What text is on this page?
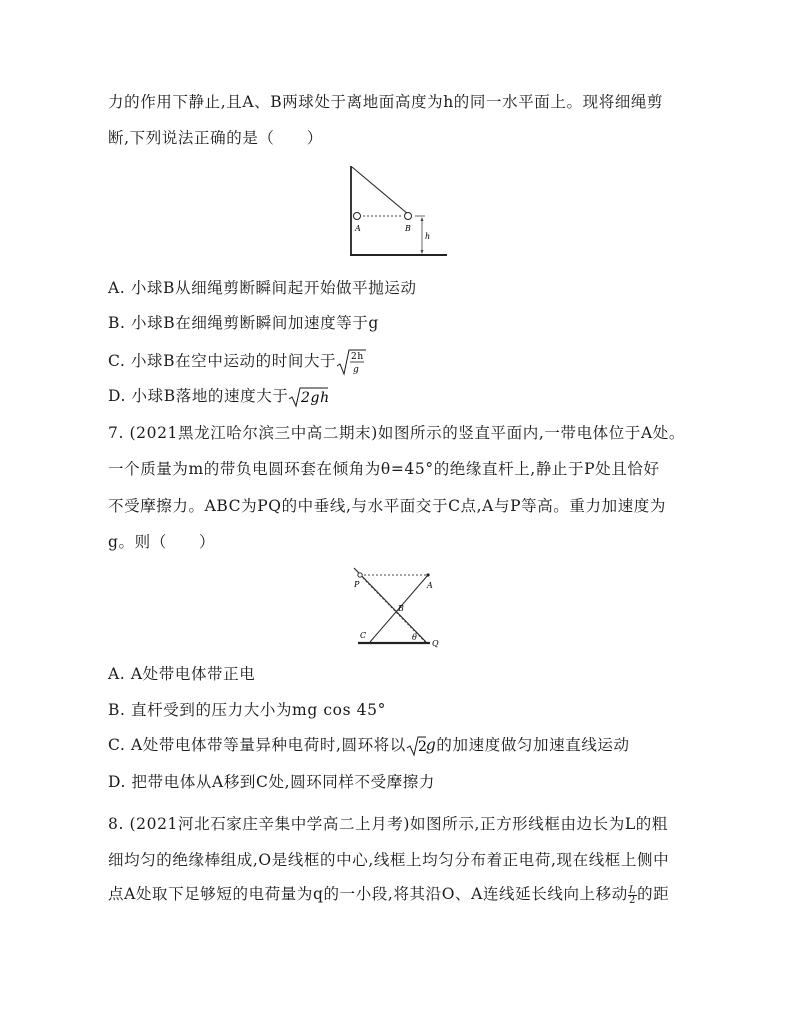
力的作用下静止,且A、B两球处于离地面高度为h的同一水平面上。现将细绳剪
断,下列说法正确的是（　　）
A	B
h
A. 小球B从细绳剪断瞬间起开始做平抛运动
B. 小球B在细绳剪断瞬间加速度等于g
C. 小球B在空中运动的时间大于 2h
g
D. 小球B落地的速度大于 2gh
7. (2021黑龙江哈尔滨三中高二期末)如图所示的竖直平面内,一带电体位于A处。
一个质量为m的带负电圆环套在倾角为θ=45°的绝缘直杆上,静止于P处且恰好
不受摩擦力。ABC为PQ的中垂线,与水平面交于C点,A与P等高。重力加速度为
g。则（　　）
P	A
B
C	θ
Q
A. A处带电体带正电
B. 直杆受到的压力大小为mg cos 45°
C. A处带电体带等量异种电荷时,圆环将以 2
g的加速度做匀加速直线运动
D. 把带电体从A移到C处,圆环同样不受摩擦力
8. (2021河北石家庄辛集中学高二上月考)如图所示,正方形线框由边长为L的粗
细均匀的绝缘棒组成,O是线框的中心,线框上均匀分布着正电荷,现在线框上侧中
点A处取下足够短的电荷量为q的一小段,将其沿O、A连线延长线向上移动 $\frac{L}{2}$ 的距
